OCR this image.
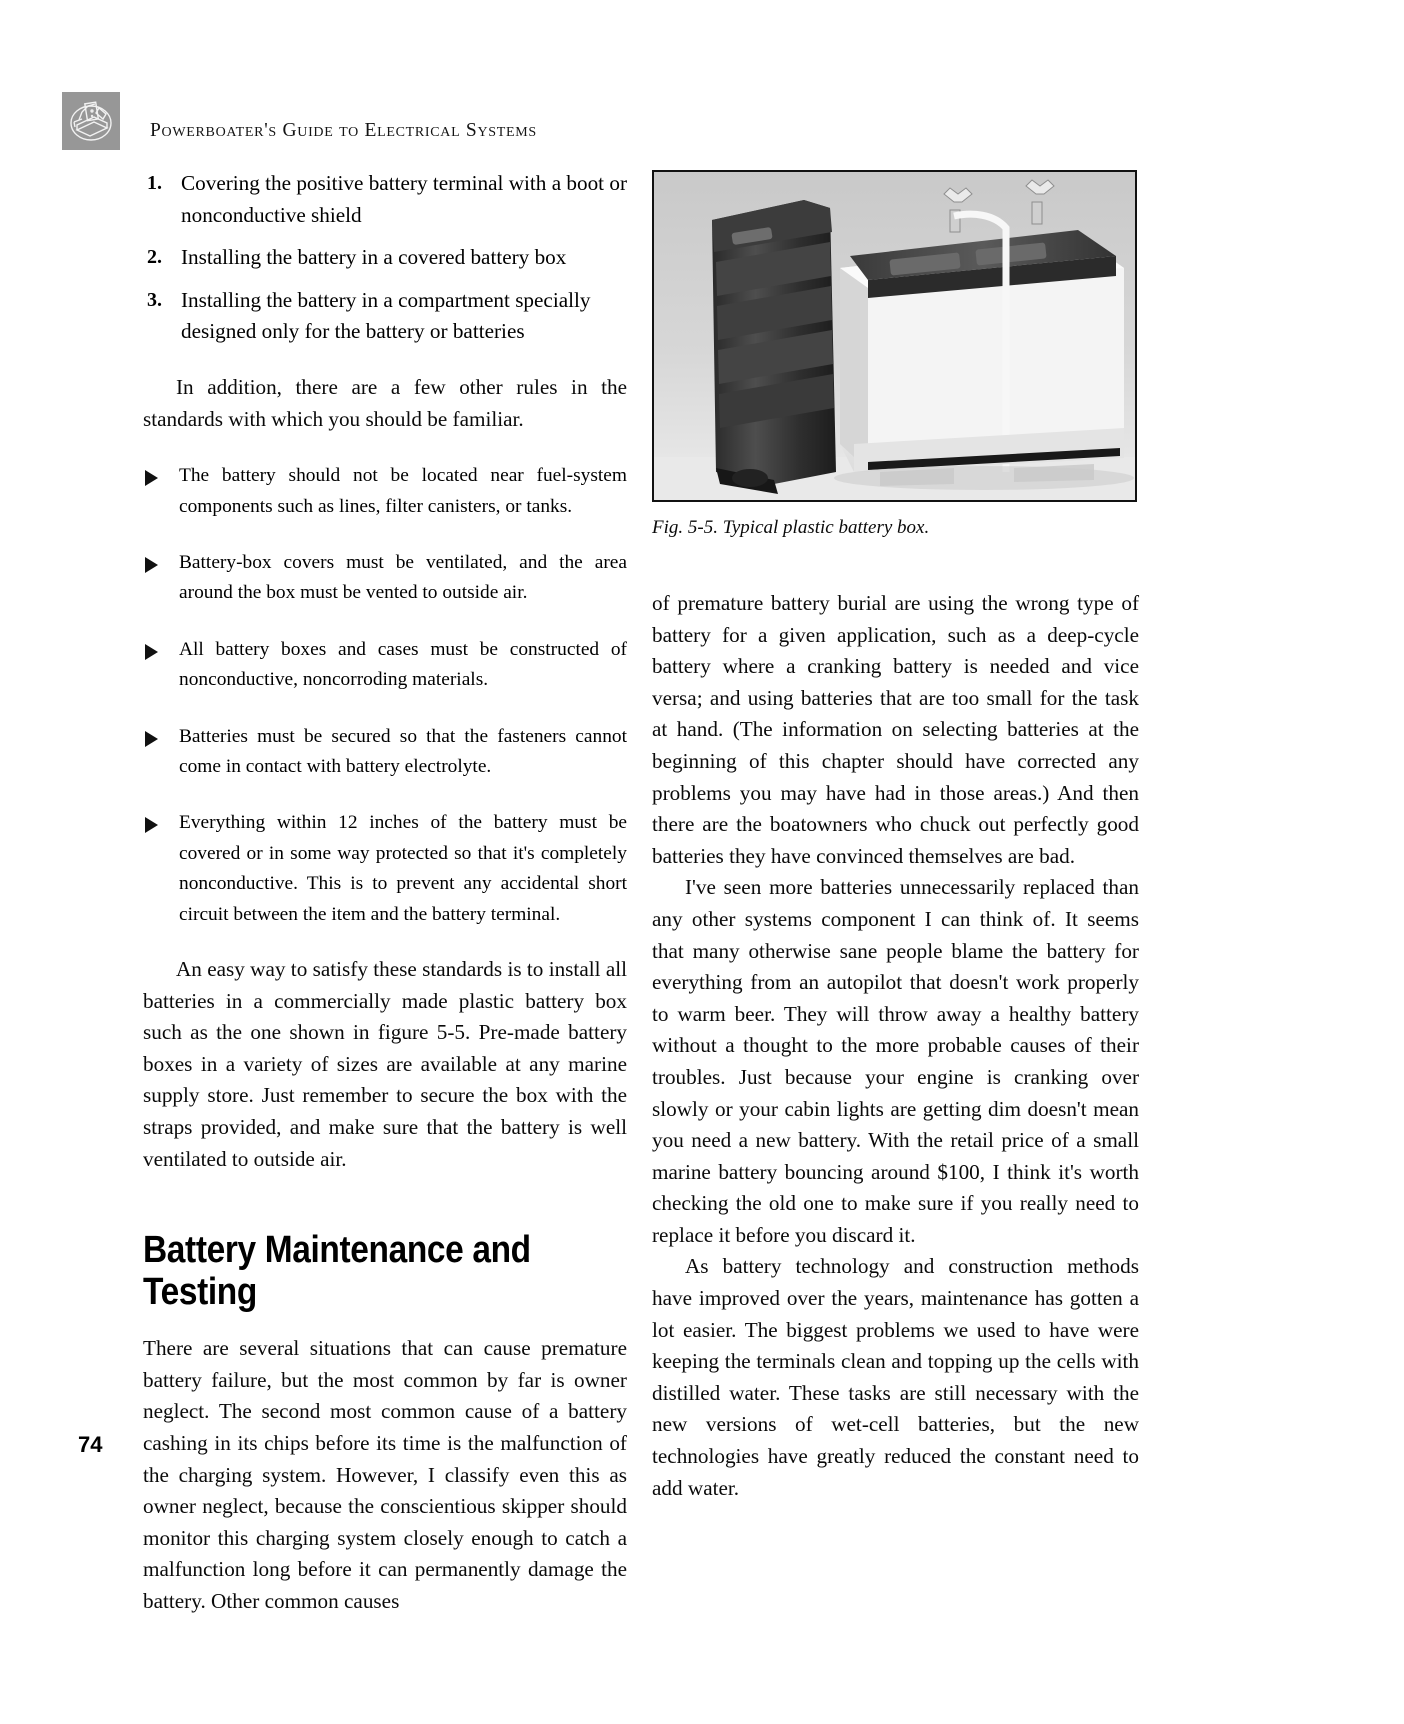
Powerboater's Guide to Electrical Systems
1. Covering the positive battery terminal with a boot or nonconductive shield
2. Installing the battery in a covered battery box
3. Installing the battery in a compartment specially designed only for the battery or batteries

In addition, there are a few other rules in the standards with which you should be familiar.

The battery should not be located near fuel-system components such as lines, filter canisters, or tanks.
Battery-box covers must be ventilated, and the area around the box must be vented to outside air.
All battery boxes and cases must be constructed of nonconductive, noncorroding materials.
Batteries must be secured so that the fasteners cannot come in contact with battery electrolyte.
Everything within 12 inches of the battery must be covered or in some way protected so that it's completely nonconductive. This is to prevent any accidental short circuit between the item and the battery terminal.

An easy way to satisfy these standards is to install all batteries in a commercially made plastic battery box such as the one shown in figure 5-5. Pre-made battery boxes in a variety of sizes are available at any marine supply store. Just remember to secure the box with the straps provided, and make sure that the battery is well ventilated to outside air.

Battery Maintenance and Testing

There are several situations that can cause premature battery failure, but the most common by far is owner neglect. The second most common cause of a battery cashing in its chips before its time is the malfunction of the charging system. However, I classify even this as owner neglect, because the conscientious skipper should monitor this charging system closely enough to catch a malfunction long before it can permanently damage the battery. Other common causes

Fig. 5-5. Typical plastic battery box.

of premature battery burial are using the wrong type of battery for a given application, such as a deep-cycle battery where a cranking battery is needed and vice versa; and using batteries that are too small for the task at hand. (The information on selecting batteries at the beginning of this chapter should have corrected any problems you may have had in those areas.) And then there are the boatowners who chuck out perfectly good batteries they have convinced themselves are bad.

I've seen more batteries unnecessarily replaced than any other systems component I can think of. It seems that many otherwise sane people blame the battery for everything from an autopilot that doesn't work properly to warm beer. They will throw away a healthy battery without a thought to the more probable causes of their troubles. Just because your engine is cranking over slowly or your cabin lights are getting dim doesn't mean you need a new battery. With the retail price of a small marine battery bouncing around $100, I think it's worth checking the old one to make sure if you really need to replace it before you discard it.

As battery technology and construction methods have improved over the years, maintenance has gotten a lot easier. The biggest problems we used to have were keeping the terminals clean and topping up the cells with distilled water. These tasks are still necessary with the new versions of wet-cell batteries, but the new technologies have greatly reduced the constant need to add water.

74
